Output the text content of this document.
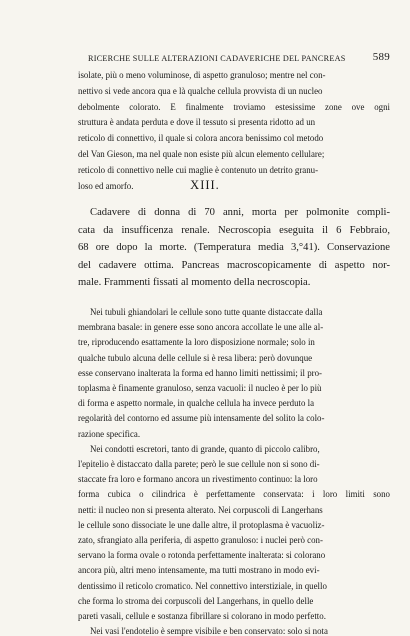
RICERCHE SULLE ALTERAZIONI CADAVERICHE DEL PANCREAS 589
isolate, più o meno voluminose, di aspetto granuloso; mentre nel con-
nettivo si vede ancora qua e là qualche cellula provvista di un nucleo
debolmente colorato. E finalmente troviamo estesissime zone ove ogni
struttura è andata perduta e dove il tessuto si presenta ridotto ad un
reticolo di connettivo, il quale si colora ancora benissimo col metodo
del Van Gieson, ma nel quale non esiste più alcun elemento cellulare;
reticolo di connettivo nelle cui maglie è contenuto un detrito granu-
loso ed amorfo.	XIII.
Cadavere di donna di 70 anni, morta per polmonite compli-
cata da insufficenza renale. Necroscopia eseguita il 6 Febbraio,
68 ore dopo la morte. (Temperatura media 3,°41). Conservazione
del cadavere ottima. Pancreas macroscopicamente di aspetto nor-
male. Frammenti fissati al momento della necroscopia.
Nei tubuli ghiandolari le cellule sono tutte quante distaccate dalla
membrana basale: in genere esse sono ancora accollate le une alle al-
tre, riproducendo esattamente la loro disposizione normale; solo in
qualche tubulo alcuna delle cellule si è resa libera: però dovunque
esse conservano inalterata la forma ed hanno limiti nettissimi; il pro-
toplasma è finamente granuloso, senza vacuoli: il nucleo è per lo più
di forma e aspetto normale, in qualche cellula ha invece perduto la
regolarità del contorno ed assume più intensamente del solito la colo-
razione specifica.
Nei condotti escretori, tanto di grande, quanto di piccolo calibro,
l'epitelio è distaccato dalla parete; però le sue cellule non si sono di-
staccate fra loro e formano ancora un rivestimento continuo: la loro
forma cubica o cilindrica è perfettamente conservata: i loro limiti sono
netti: il nucleo non si presenta alterato. Nei corpuscoli di Langerhans
le cellule sono dissociate le une dalle altre, il protoplasma è vacuoliz-
zato, sfrangiato alla periferia, di aspetto granuloso: i nuclei però con-
servano la forma ovale o rotonda perfettamente inalterata: si colorano
ancora più, altri meno intensamente, ma tutti mostrano in modo evi-
dentissimo il reticolo cromatico. Nel connettivo interstiziale, in quello
che forma lo stroma dei corpuscoli del Langerhans, in quello delle
pareti vasali, cellule e sostanza fibrillare si colorano in modo perfetto.
Nei vasi l'endotelio è sempre visibile e ben conservato: solo si nota
